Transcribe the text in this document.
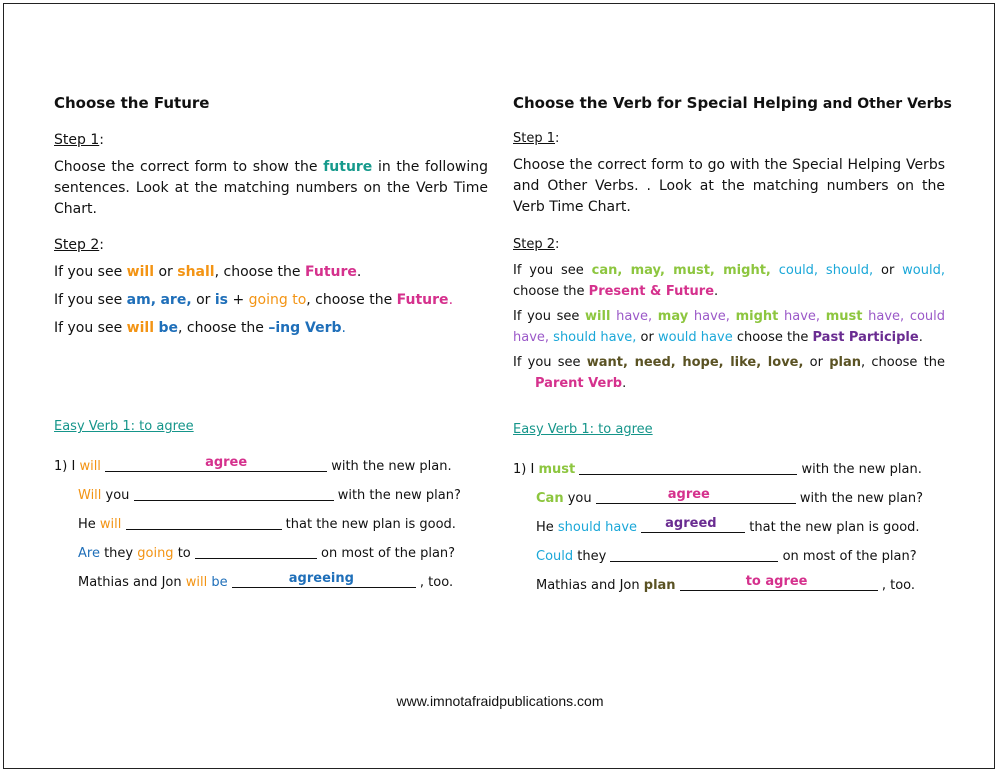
Choose the Future
Step 1:
Choose the correct form to show the future in the following sentences. Look at the matching numbers on the Verb Time Chart.
Step 2:
If you see will or shall, choose the Future.
If you see am, are, or is + going to, choose the Future.
If you see will be, choose the –ing Verb.
Easy Verb 1: to agree
1) I will	agree	with the new plan.
Will you	with the new plan?
He will	that the new plan is good.
Are they going to	on most of the plan?
Mathias and Jon will be	agreeing	, too.
Choose the Verb for Special Helping and Other Verbs
Step 1:
Choose the correct form to go with the Special Helping Verbs and Other Verbs. . Look at the matching numbers on the Verb Time Chart.
Step 2:
If you see can, may, must, might, could, should, or would, choose the Present & Future.
If you see will have, may have, might have, must have, could have, should have, or would have choose the Past Participle.
If you see want, need, hope, like, love, or plan, choose the Parent Verb.
Easy Verb 1: to agree
1) I must	with the new plan.
Can you	agree	with the new plan?
He should have agreed	that the new plan is good.
Could they	on most of the plan?
Mathias and Jon plan	to agree	, too.
www.imnotafraidpublications.com
